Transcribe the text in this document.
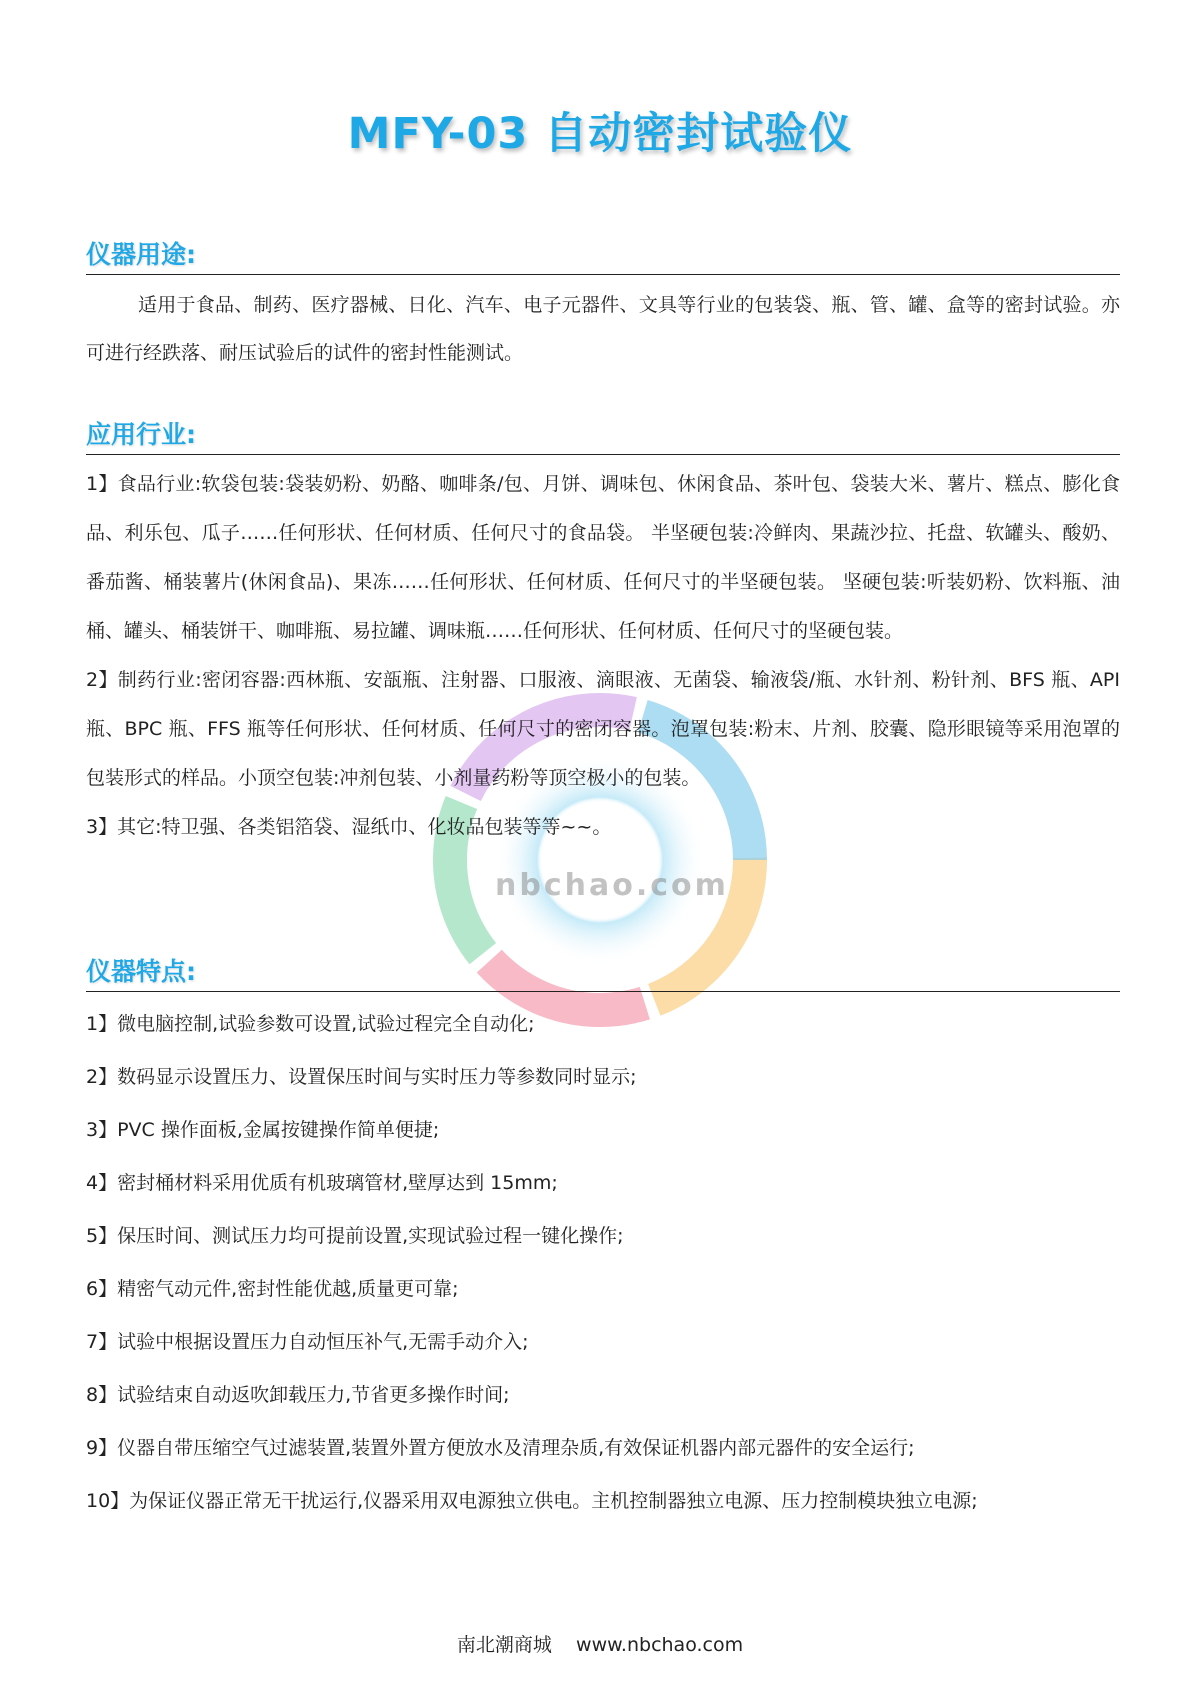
nbchao.com
MFY-03 自动密封试验仪
仪器用途:
适用于食品、制药、医疗器械、日化、汽车、电子元器件、文具等行业的包装袋、瓶、管、罐、盒等的密封试验。亦可进行经跌落、耐压试验后的试件的密封性能测试。
应用行业:
1】食品行业:软袋包装:袋装奶粉、奶酪、咖啡条/包、月饼、调味包、休闲食品、茶叶包、袋装大米、薯片、糕点、膨化食品、利乐包、瓜子……任何形状、任何材质、任何尺寸的食品袋。 半坚硬包装:冷鲜肉、果蔬沙拉、托盘、软罐头、酸奶、番茄酱、桶装薯片(休闲食品)、果冻……任何形状、任何材质、任何尺寸的半坚硬包装。 坚硬包装:听装奶粉、饮料瓶、油桶、罐头、桶装饼干、咖啡瓶、易拉罐、调味瓶……任何形状、任何材质、任何尺寸的坚硬包装。
2】制药行业:密闭容器:西林瓶、安瓿瓶、注射器、口服液、滴眼液、无菌袋、输液袋/瓶、水针剂、粉针剂、BFS 瓶、API 瓶、BPC 瓶、FFS 瓶等任何形状、任何材质、任何尺寸的密闭容器。泡罩包装:粉末、片剂、胶囊、隐形眼镜等采用泡罩的包装形式的样品。小顶空包装:冲剂包装、小剂量药粉等顶空极小的包装。
3】其它:特卫强、各类铝箔袋、湿纸巾、化妆品包装等等~~。
仪器特点:
1】微电脑控制,试验参数可设置,试验过程完全自动化;
2】数码显示设置压力、设置保压时间与实时压力等参数同时显示;
3】PVC 操作面板,金属按键操作简单便捷;
4】密封桶材料采用优质有机玻璃管材,壁厚达到 15mm;
5】保压时间、测试压力均可提前设置,实现试验过程一键化操作;
6】精密气动元件,密封性能优越,质量更可靠;
7】试验中根据设置压力自动恒压补气,无需手动介入;
8】试验结束自动返吹卸载压力,节省更多操作时间;
9】仪器自带压缩空气过滤装置,装置外置方便放水及清理杂质,有效保证机器内部元器件的安全运行;
10】为保证仪器正常无干扰运行,仪器采用双电源独立供电。主机控制器独立电源、压力控制模块独立电源;
南北潮商城    www.nbchao.com
